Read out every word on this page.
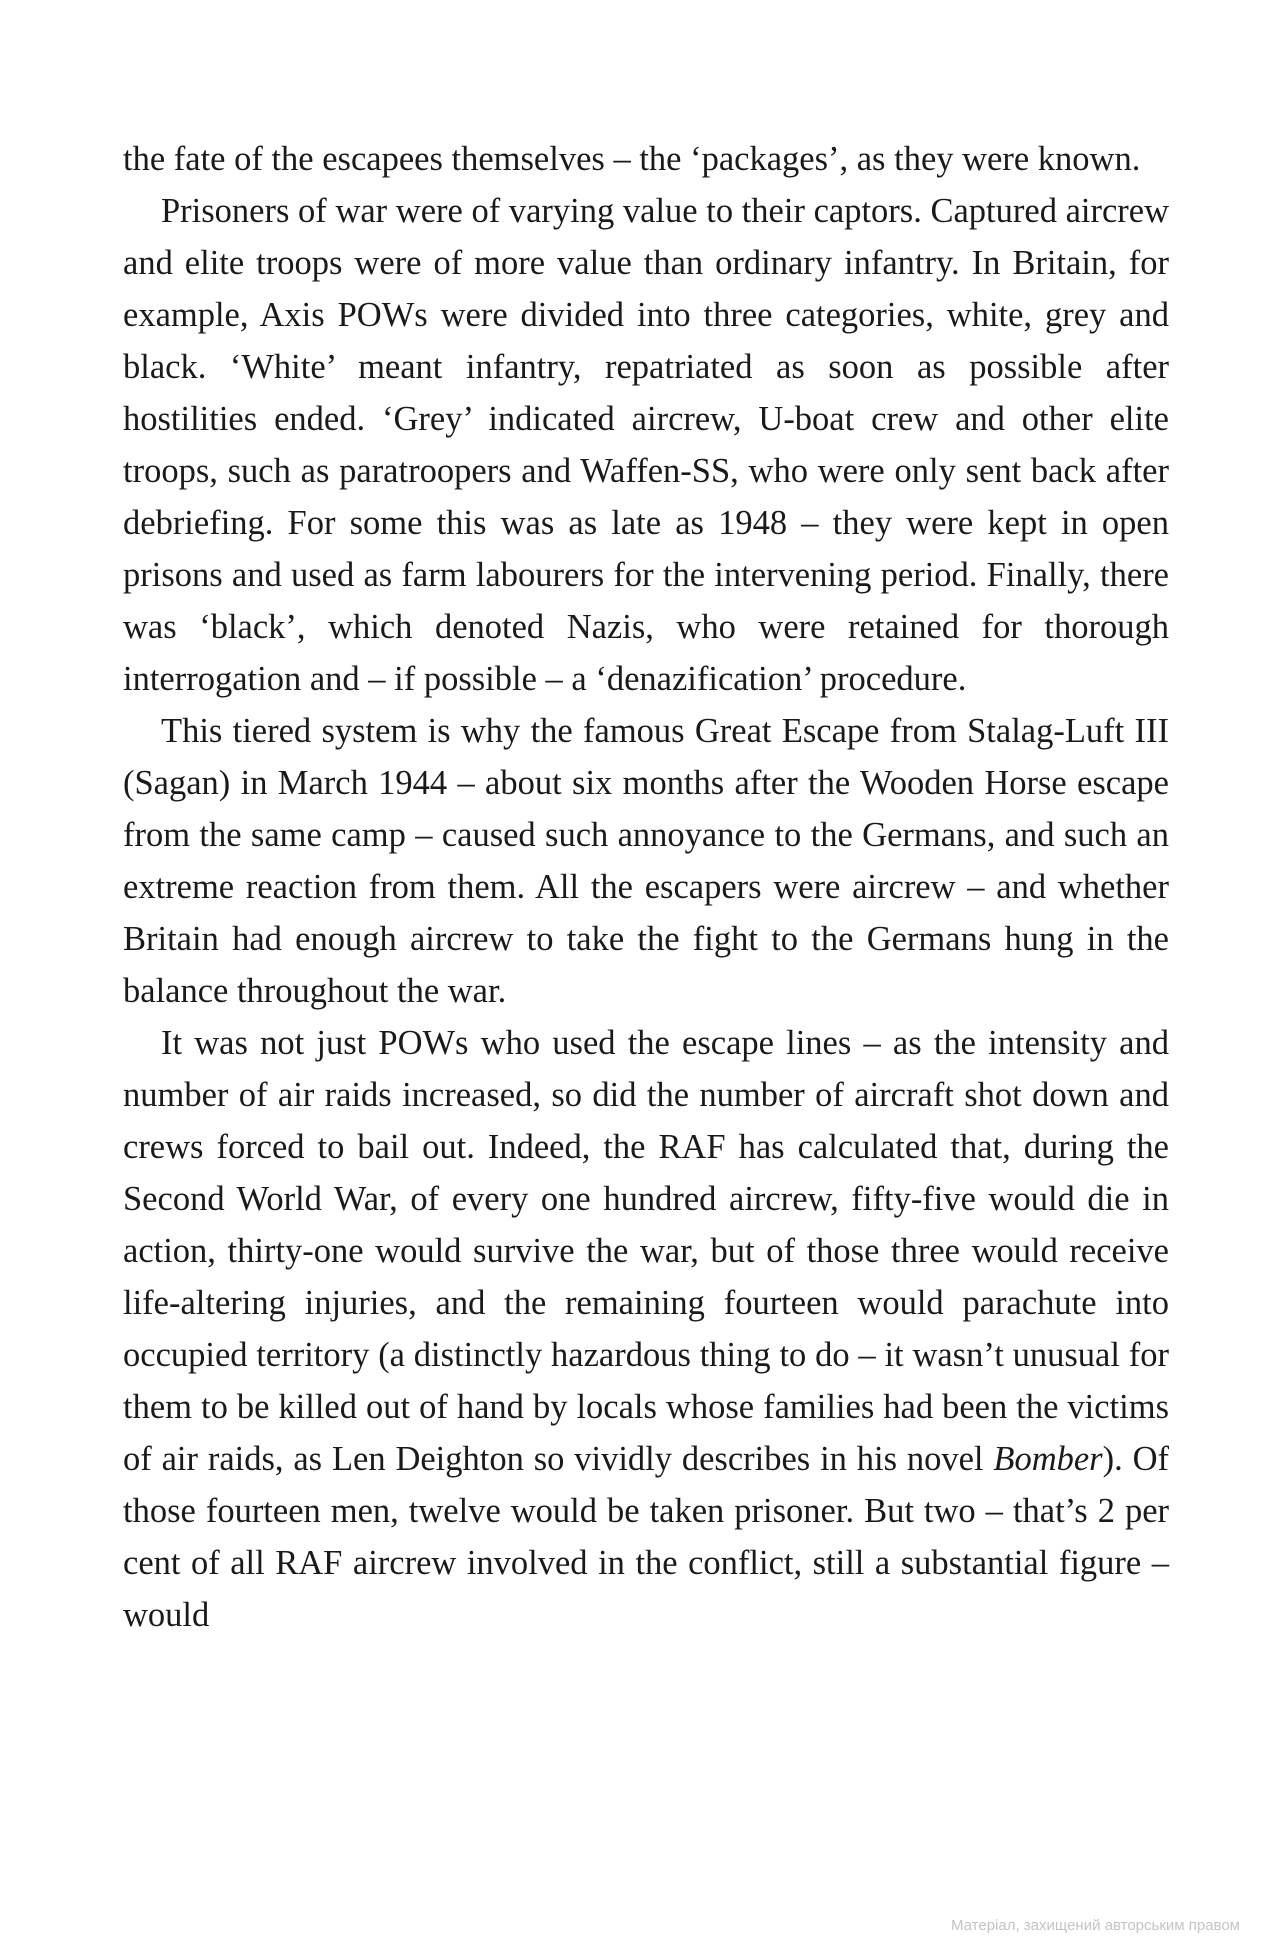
the fate of the escapees themselves – the ‘packages’, as they were known.

Prisoners of war were of varying value to their captors. Captured aircrew and elite troops were of more value than ordinary infantry. In Britain, for example, Axis POWs were divided into three categories, white, grey and black. ‘White’ meant infantry, repatriated as soon as possible after hostilities ended. ‘Grey’ indicated aircrew, U-boat crew and other elite troops, such as paratroopers and Waffen-SS, who were only sent back after debriefing. For some this was as late as 1948 – they were kept in open prisons and used as farm labourers for the intervening period. Finally, there was ‘black’, which denoted Nazis, who were retained for thorough interrogation and – if possible – a ‘denazification’ procedure.

This tiered system is why the famous Great Escape from Stalag-Luft III (Sagan) in March 1944 – about six months after the Wooden Horse escape from the same camp – caused such annoyance to the Germans, and such an extreme reaction from them. All the escapers were aircrew – and whether Britain had enough aircrew to take the fight to the Germans hung in the balance throughout the war.

It was not just POWs who used the escape lines – as the intensity and number of air raids increased, so did the number of aircraft shot down and crews forced to bail out. Indeed, the RAF has calculated that, during the Second World War, of every one hundred aircrew, fifty-five would die in action, thirty-one would survive the war, but of those three would receive life-altering injuries, and the remaining fourteen would parachute into occupied territory (a distinctly hazardous thing to do – it wasn’t unusual for them to be killed out of hand by locals whose families had been the victims of air raids, as Len Deighton so vividly describes in his novel Bomber). Of those fourteen men, twelve would be taken prisoner. But two – that’s 2 per cent of all RAF aircrew involved in the conflict, still a substantial figure – would

Матеріал, захищений авторським правом
